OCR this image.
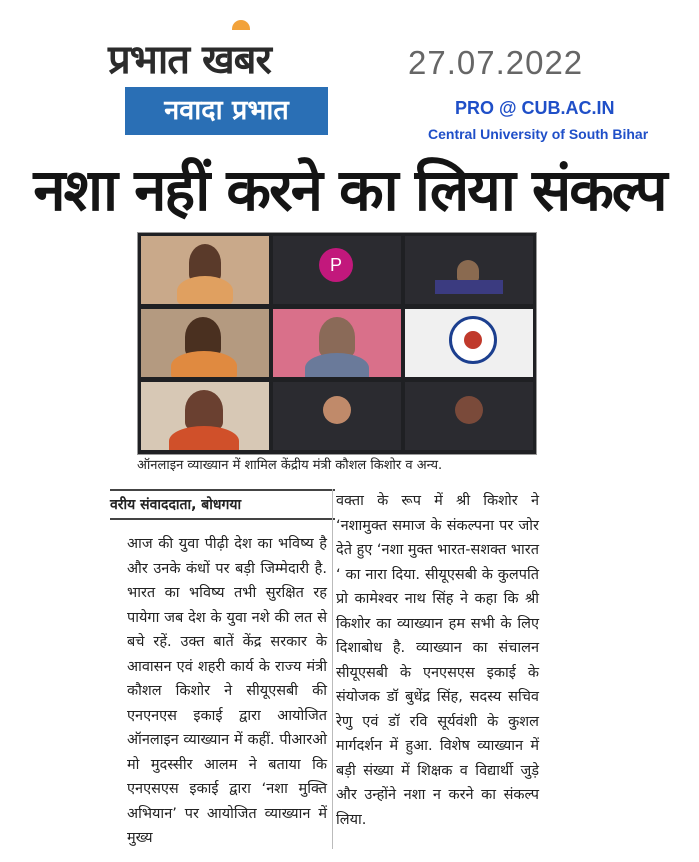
प्रभात खबर	27.07.2022
नवादा प्रभात	PRO @ CUB.AC.IN
Central University of South Bihar
नशा नहीं करने का लिया संकल्प
P
ऑनलाइन व्याख्यान में शामिल केंद्रीय मंत्री कौशल किशोर व अन्य.
वरीय संवाददाता, बोधगया

आज की युवा पीढ़ी देश का भविष्य है और उनके कंधों पर बड़ी जिम्मेदारी है. भारत का भविष्य तभी सुरक्षित रह पायेगा जब देश के युवा नशे की लत से बचे रहें. उक्त बातें केंद्र सरकार के आवासन एवं शहरी कार्य के राज्य मंत्री कौशल किशोर ने सीयूएसबी की एनएनएस इकाई द्वारा आयोजित ऑनलाइन व्याख्यान में कहीं. पीआरओ मो मुदस्सीर आलम ने बताया कि एनएसएस इकाई द्वारा ‘नशा मुक्ति अभियान’ पर आयोजित व्याख्यान में मुख्य

वक्ता के रूप में श्री किशोर ने ‘नशामुक्त समाज के संकल्पना पर जोर देते हुए ‘नशा मुक्त भारत-सशक्त भारत ‘ का नारा दिया. सीयूएसबी के कुलपति प्रो कामेश्वर नाथ सिंह ने कहा कि श्री किशोर का व्याख्यान हम सभी के लिए दिशाबोध है. व्याख्यान का संचालन सीयूएसबी के एनएसएस इकाई के संयोजक डॉ बुधेंद्र सिंह, सदस्य सचिव रेणु एवं डॉ रवि सूर्यवंशी के कुशल मार्गदर्शन में हुआ. विशेष व्याख्यान में बड़ी संख्या में शिक्षक व विद्यार्थी जुड़े और उन्होंने नशा न करने का संकल्प लिया.
